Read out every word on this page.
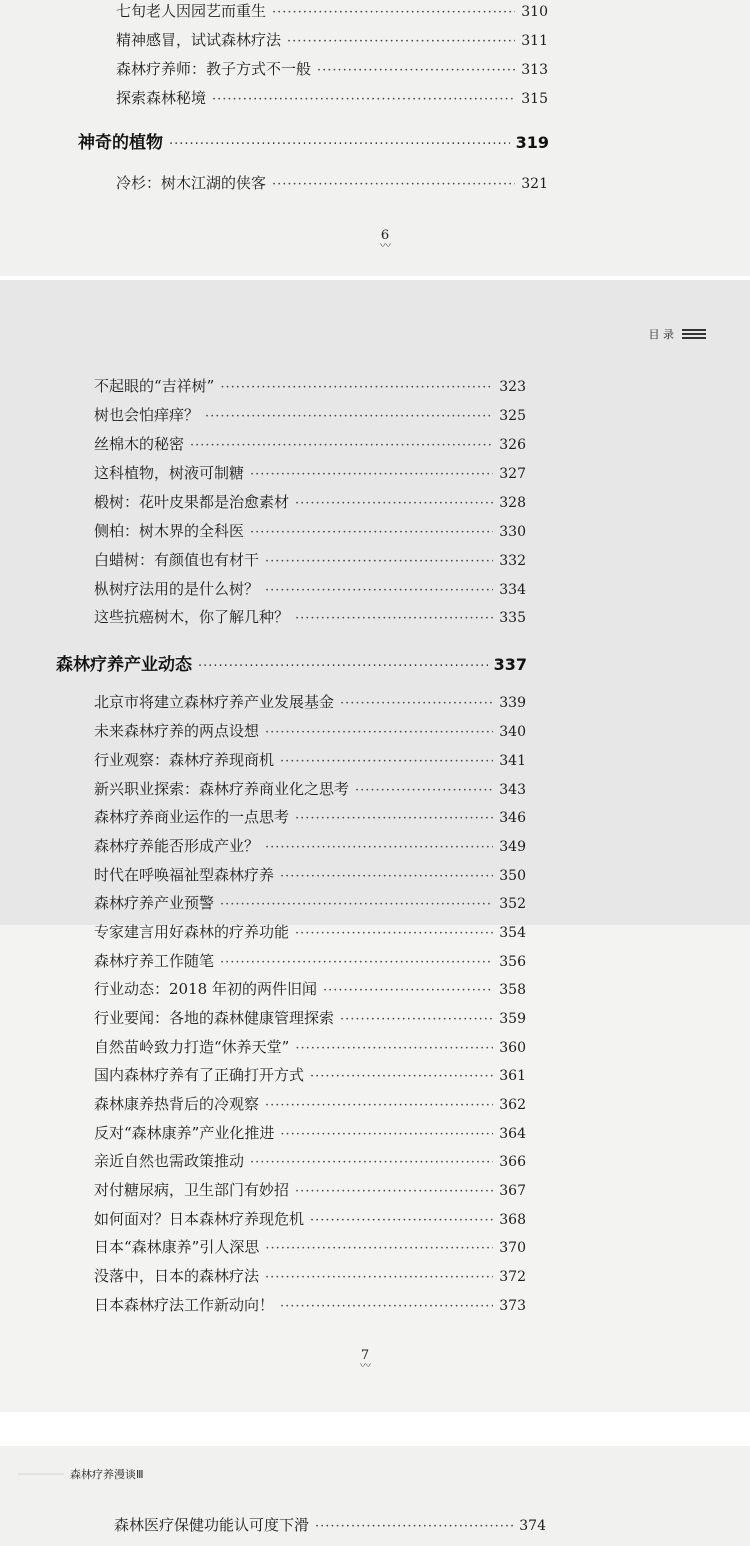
七旬老人因园艺而重生 ·····	310
精神感冒，试试森林疗法 ·····	311
森林疗养师：教子方式不一般 ·····	313
探索森林秘境 ·····	315
神奇的植物 ·····	319
冷杉：树木江湖的侠客 ·····	321
6
〰
目 录
不起眼的“吉祥树” ·····	323
树也会怕痒痒？ ·····	325
丝棉木的秘密 ·····	326
这科植物，树液可制糖 ·····	327
椴树：花叶皮果都是治愈素材 ·····	328
侧柏：树木界的全科医 ·····	330
白蜡树：有颜值也有材干 ·····	332
枞树疗法用的是什么树？ ·····	334
这些抗癌树木，你了解几种？ ·····	335
森林疗养产业动态 ·····	337
北京市将建立森林疗养产业发展基金 ·····	339
未来森林疗养的两点设想 ·····	340
行业观察：森林疗养现商机 ·····	341
新兴职业探索：森林疗养商业化之思考 ·····	343
森林疗养商业运作的一点思考 ·····	346
森林疗养能否形成产业？ ·····	349
时代在呼唤福祉型森林疗养 ·····	350
森林疗养产业预警 ·····	352
专家建言用好森林的疗养功能 ·····	354
森林疗养工作随笔 ·····	356
行业动态：2018 年初的两件旧闻 ·····	358
行业要闻：各地的森林健康管理探索 ·····	359
自然苗岭致力打造“休养天堂” ·····	360
国内森林疗养有了正确打开方式 ·····	361
森林康养热背后的冷观察 ·····	362
反对“森林康养”产业化推进 ·····	364
亲近自然也需政策推动 ·····	366
对付糖尿病，卫生部门有妙招 ·····	367
如何面对？日本森林疗养现危机 ·····	368
日本“森林康养”引人深思 ·····	370
没落中，日本的森林疗法 ·····	372
日本森林疗法工作新动向！ ·····	373
7
〰
森林疗养漫谈Ⅲ
森林医疗保健功能认可度下滑 ·····	374
